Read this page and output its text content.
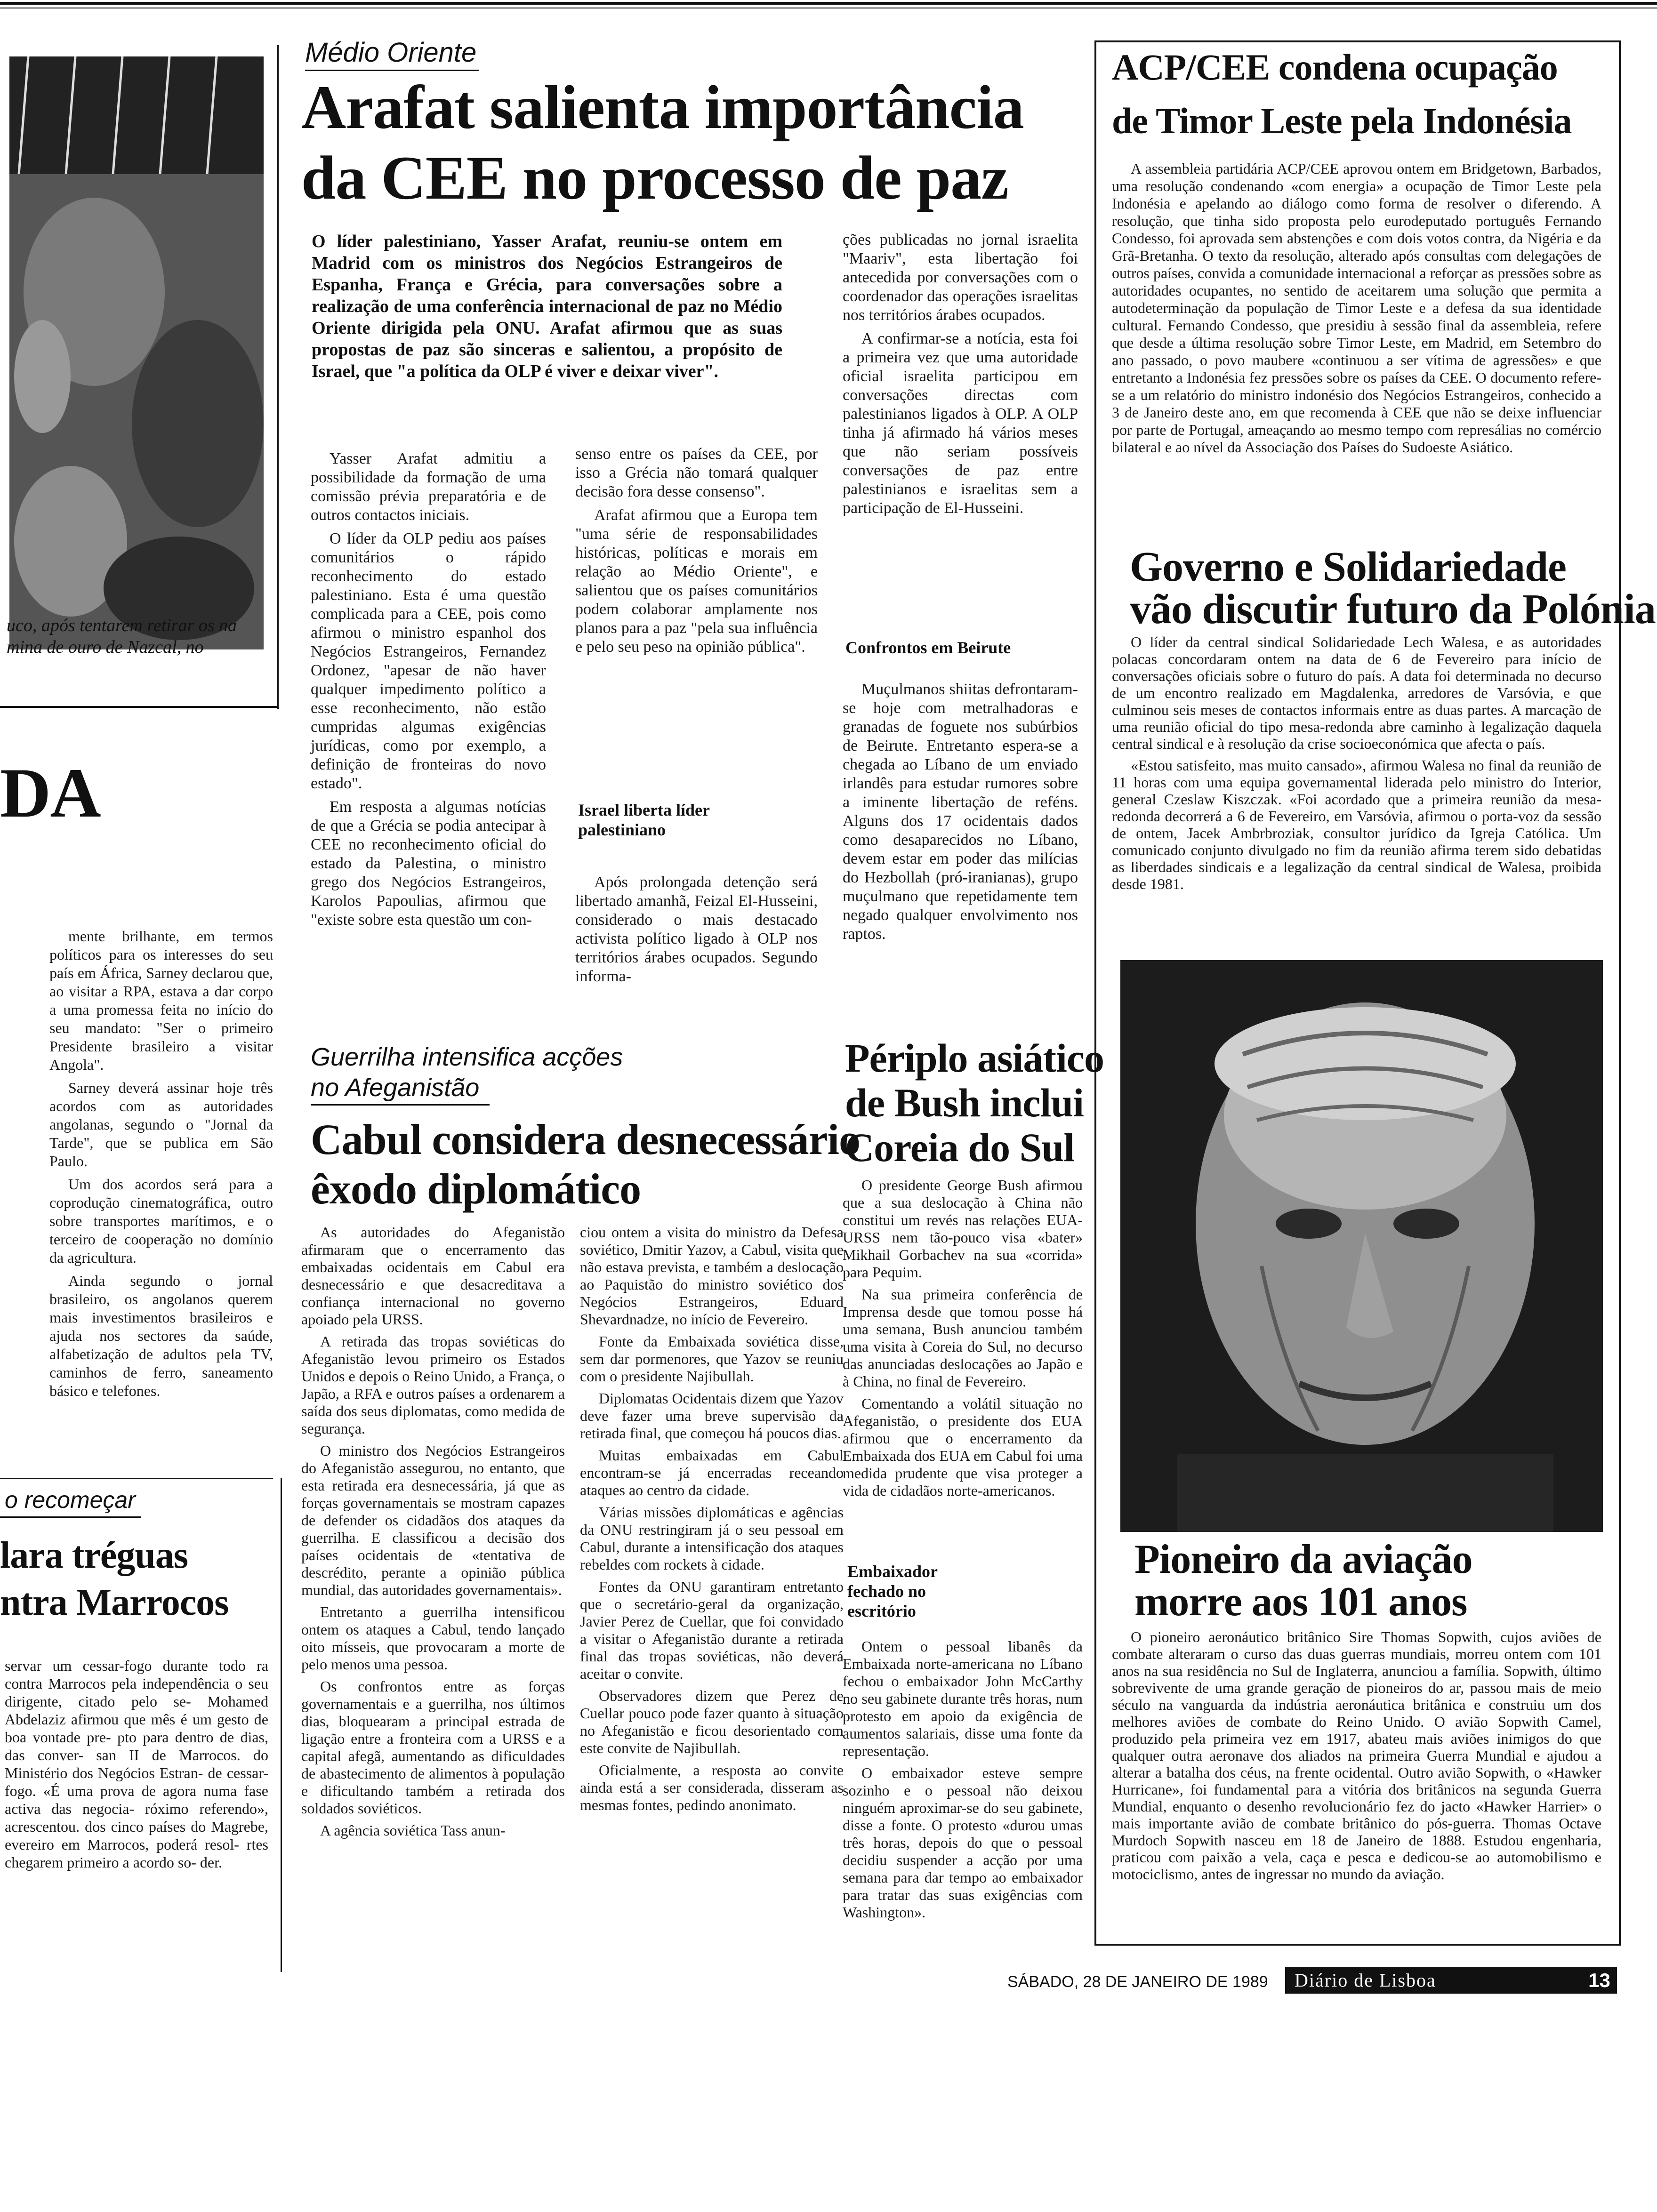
uco, após tentarem retirar os na mina de ouro de Nazcal, no
DA

mente brilhante, em termos políticos para os interesses do seu país em África, Sarney declarou que, ao visitar a RPA, estava a dar corpo a uma promessa feita no início do seu mandato: "Ser o primeiro Presidente brasileiro a visitar Angola".

Sarney deverá assinar hoje três acordos com as autoridades angolanas, segundo o "Jornal da Tarde", que se publica em São Paulo.

Um dos acordos será para a coprodução cinematográfica, outro sobre transportes marítimos, e o terceiro de cooperação no domínio da agricultura.

Ainda segundo o jornal brasileiro, os angolanos querem mais investimentos brasileiros e ajuda nos sectores da saúde, alfabetização de adultos pela TV, caminhos de ferro, saneamento básico e telefones.

o recomeçar
lara tréguas
ntra Marrocos
servar um cessar-fogo durante todo ra contra Marrocos pela independência o seu dirigente, citado pelo se- Mohamed Abdelaziz afirmou que mês é um gesto de boa vontade pre- pto para dentro de dias, das conver- san II de Marrocos. do Ministério dos Negócios Estran- de cessar-fogo. «É uma prova de agora numa fase activa das negocia- róximo referendo», acrescentou. dos cinco países do Magrebe, evereiro em Marrocos, poderá resol- rtes chegarem primeiro a acordo so- der.
Médio Oriente
Arafat salienta importância
da CEE no processo de paz
O líder palestiniano, Yasser Arafat, reuniu-se ontem em Madrid com os ministros dos Negócios Estrangeiros de Espanha, França e Grécia, para conversações sobre a realização de uma conferência internacional de paz no Médio Oriente dirigida pela ONU. Arafat afirmou que as suas propostas de paz são sinceras e salientou, a propósito de Israel, que "a política da OLP é viver e deixar viver".

Yasser Arafat admitiu a possibilidade da formação de uma comissão prévia preparatória e de outros contactos iniciais.

O líder da OLP pediu aos países comunitários o rápido reconhecimento do estado palestiniano. Esta é uma questão complicada para a CEE, pois como afirmou o ministro espanhol dos Negócios Estrangeiros, Fernandez Ordonez, "apesar de não haver qualquer impedimento político a esse reconhecimento, não estão cumpridas algumas exigências jurídicas, como por exemplo, a definição de fronteiras do novo estado".

Em resposta a algumas notícias de que a Grécia se podia antecipar à CEE no reconhecimento oficial do estado da Palestina, o ministro grego dos Negócios Estrangeiros, Karolos Papoulias, afirmou que "existe sobre esta questão um con-

senso entre os países da CEE, por isso a Grécia não tomará qualquer decisão fora desse consenso".

Arafat afirmou que a Europa tem "uma série de responsabilidades históricas, políticas e morais em relação ao Médio Oriente", e salientou que os países comunitários podem colaborar amplamente nos planos para a paz "pela sua influência e pelo seu peso na opinião pública".

Israel liberta líder palestiniano

Após prolongada detenção será libertado amanhã, Feizal El-Husseini, considerado o mais destacado activista político ligado à OLP nos territórios árabes ocupados. Segundo informa-

ções publicadas no jornal israelita "Maariv", esta libertação foi antecedida por conversações com o coordenador das operações israelitas nos territórios árabes ocupados.

A confirmar-se a notícia, esta foi a primeira vez que uma autoridade oficial israelita participou em conversações directas com palestinianos ligados à OLP. A OLP tinha já afirmado há vários meses que não seriam possíveis conversações de paz entre palestinianos e israelitas sem a participação de El-Husseini.

Confrontos em Beirute

Muçulmanos shiitas defrontaram-se hoje com metralhadoras e granadas de foguete nos subúrbios de Beirute. Entretanto espera-se a chegada ao Líbano de um enviado irlandês para estudar rumores sobre a iminente libertação de reféns. Alguns dos 17 ocidentais dados como desaparecidos no Líbano, devem estar em poder das milícias do Hezbollah (pró-iranianas), grupo muçulmano que repetidamente tem negado qualquer envolvimento nos raptos.

Guerrilha intensifica acções
no Afeganistão
Cabul considera desnecessário
êxodo diplomático

As autoridades do Afeganistão afirmaram que o encerramento das embaixadas ocidentais em Cabul era desnecessário e que desacreditava a confiança internacional no governo apoiado pela URSS.

A retirada das tropas soviéticas do Afeganistão levou primeiro os Estados Unidos e depois o Reino Unido, a França, o Japão, a RFA e outros países a ordenarem a saída dos seus diplomatas, como medida de segurança.

O ministro dos Negócios Estrangeiros do Afeganistão assegurou, no entanto, que esta retirada era desnecessária, já que as forças governamentais se mostram capazes de defender os cidadãos dos ataques da guerrilha. E classificou a decisão dos países ocidentais de «tentativa de descrédito, perante a opinião pública mundial, das autoridades governamentais».

Entretanto a guerrilha intensificou ontem os ataques a Cabul, tendo lançado oito mísseis, que provocaram a morte de pelo menos uma pessoa.

Os confrontos entre as forças governamentais e a guerrilha, nos últimos dias, bloquearam a principal estrada de ligação entre a fronteira com a URSS e a capital afegã, aumentando as dificuldades de abastecimento de alimentos à população e dificultando também a retirada dos soldados soviéticos.

A agência soviética Tass anun-

ciou ontem a visita do ministro da Defesa soviético, Dmitir Yazov, a Cabul, visita que não estava prevista, e também a deslocação ao Paquistão do ministro soviético dos Negócios Estrangeiros, Eduard Shevardnadze, no início de Fevereiro.

Fonte da Embaixada soviética disse, sem dar pormenores, que Yazov se reuniu com o presidente Najibullah.

Diplomatas Ocidentais dizem que Yazov deve fazer uma breve supervisão da retirada final, que começou há poucos dias.

Muitas embaixadas em Cabul encontram-se já encerradas receando ataques ao centro da cidade.

Várias missões diplomáticas e agências da ONU restringiram já o seu pessoal em Cabul, durante a intensificação dos ataques rebeldes com rockets à cidade.

Fontes da ONU garantiram entretanto que o secretário-geral da organização, Javier Perez de Cuellar, que foi convidado a visitar o Afeganistão durante a retirada final das tropas soviéticas, não deverá aceitar o convite.

Observadores dizem que Perez de Cuellar pouco pode fazer quanto à situação no Afeganistão e ficou desorientado com este convite de Najibullah.

Oficialmente, a resposta ao convite ainda está a ser considerada, disseram as mesmas fontes, pedindo anonimato.

Périplo asiático
de Bush inclui
Coreia do Sul

O presidente George Bush afirmou que a sua deslocação à China não constitui um revés nas relações EUA-URSS nem tão-pouco visa «bater» Mikhail Gorbachev na sua «corrida» para Pequim.

Na sua primeira conferência de Imprensa desde que tomou posse há uma semana, Bush anunciou também uma visita à Coreia do Sul, no decurso das anunciadas deslocações ao Japão e à China, no final de Fevereiro.

Comentando a volátil situação no Afeganistão, o presidente dos EUA afirmou que o encerramento da Embaixada dos EUA em Cabul foi uma medida prudente que visa proteger a vida de cidadãos norte-americanos.

Embaixador fechado no escritório

Ontem o pessoal libanês da Embaixada norte-americana no Líbano fechou o embaixador John McCarthy no seu gabinete durante três horas, num protesto em apoio da exigência de aumentos salariais, disse uma fonte da representação.

O embaixador esteve sempre sozinho e o pessoal não deixou ninguém aproximar-se do seu gabinete, disse a fonte. O protesto «durou umas três horas, depois do que o pessoal decidiu suspender a acção por uma semana para dar tempo ao embaixador para tratar das suas exigências com Washington».

ACP/CEE condena ocupação
de Timor Leste pela Indonésia
A assembleia partidária ACP/CEE aprovou ontem em Bridgetown, Barbados, uma resolução condenando «com energia» a ocupação de Timor Leste pela Indonésia e apelando ao diálogo como forma de resolver o diferendo. A resolução, que tinha sido proposta pelo eurodeputado português Fernando Condesso, foi aprovada sem abstenções e com dois votos contra, da Nigéria e da Grã-Bretanha. O texto da resolução, alterado após consultas com delegações de outros países, convida a comunidade internacional a reforçar as pressões sobre as autoridades ocupantes, no sentido de aceitarem uma solução que permita a autodeterminação da população de Timor Leste e a defesa da sua identidade cultural. Fernando Condesso, que presidiu à sessão final da assembleia, refere que desde a última resolução sobre Timor Leste, em Madrid, em Setembro do ano passado, o povo maubere «continuou a ser vítima de agressões» e que entretanto a Indonésia fez pressões sobre os países da CEE. O documento refere-se a um relatório do ministro indonésio dos Negócios Estrangeiros, conhecido a 3 de Janeiro deste ano, em que recomenda à CEE que não se deixe influenciar por parte de Portugal, ameaçando ao mesmo tempo com represálias no comércio bilateral e ao nível da Associação dos Países do Sudoeste Asiático.
Governo e Solidariedade
vão discutir futuro da Polónia

O líder da central sindical Solidariedade Lech Walesa, e as autoridades polacas concordaram ontem na data de 6 de Fevereiro para início de conversações oficiais sobre o futuro do país. A data foi determinada no decurso de um encontro realizado em Magdalenka, arredores de Varsóvia, e que culminou seis meses de contactos informais entre as duas partes. A marcação de uma reunião oficial do tipo mesa-redonda abre caminho à legalização daquela central sindical e à resolução da crise socioeconómica que afecta o país.

«Estou satisfeito, mas muito cansado», afirmou Walesa no final da reunião de 11 horas com uma equipa governamental liderada pelo ministro do Interior, general Czeslaw Kiszczak. «Foi acordado que a primeira reunião da mesa-redonda decorrerá a 6 de Fevereiro, em Varsóvia, afirmou o porta-voz da sessão de ontem, Jacek Ambrbroziak, consultor jurídico da Igreja Católica. Um comunicado conjunto divulgado no fim da reunião afirma terem sido debatidas as liberdades sindicais e a legalização da central sindical de Walesa, proibida desde 1981.

Pioneiro da aviação
morre aos 101 anos
O pioneiro aeronáutico britânico Sire Thomas Sopwith, cujos aviões de combate alteraram o curso das duas guerras mundiais, morreu ontem com 101 anos na sua residência no Sul de Inglaterra, anunciou a família. Sopwith, último sobrevivente de uma grande geração de pioneiros do ar, passou mais de meio século na vanguarda da indústria aeronáutica britânica e construiu um dos melhores aviões de combate do Reino Unido. O avião Sopwith Camel, produzido pela primeira vez em 1917, abateu mais aviões inimigos do que qualquer outra aeronave dos aliados na primeira Guerra Mundial e ajudou a alterar a batalha dos céus, na frente ocidental. Outro avião Sopwith, o «Hawker Hurricane», foi fundamental para a vitória dos britânicos na segunda Guerra Mundial, enquanto o desenho revolucionário fez do jacto «Hawker Harrier» o mais importante avião de combate britânico do pós-guerra. Thomas Octave Murdoch Sopwith nasceu em 18 de Janeiro de 1888. Estudou engenharia, praticou com paixão a vela, caça e pesca e dedicou-se ao automobilismo e motociclismo, antes de ingressar no mundo da aviação.
SÁBADO, 28 DE JANEIRO DE 1989	Diário de Lisboa	13
